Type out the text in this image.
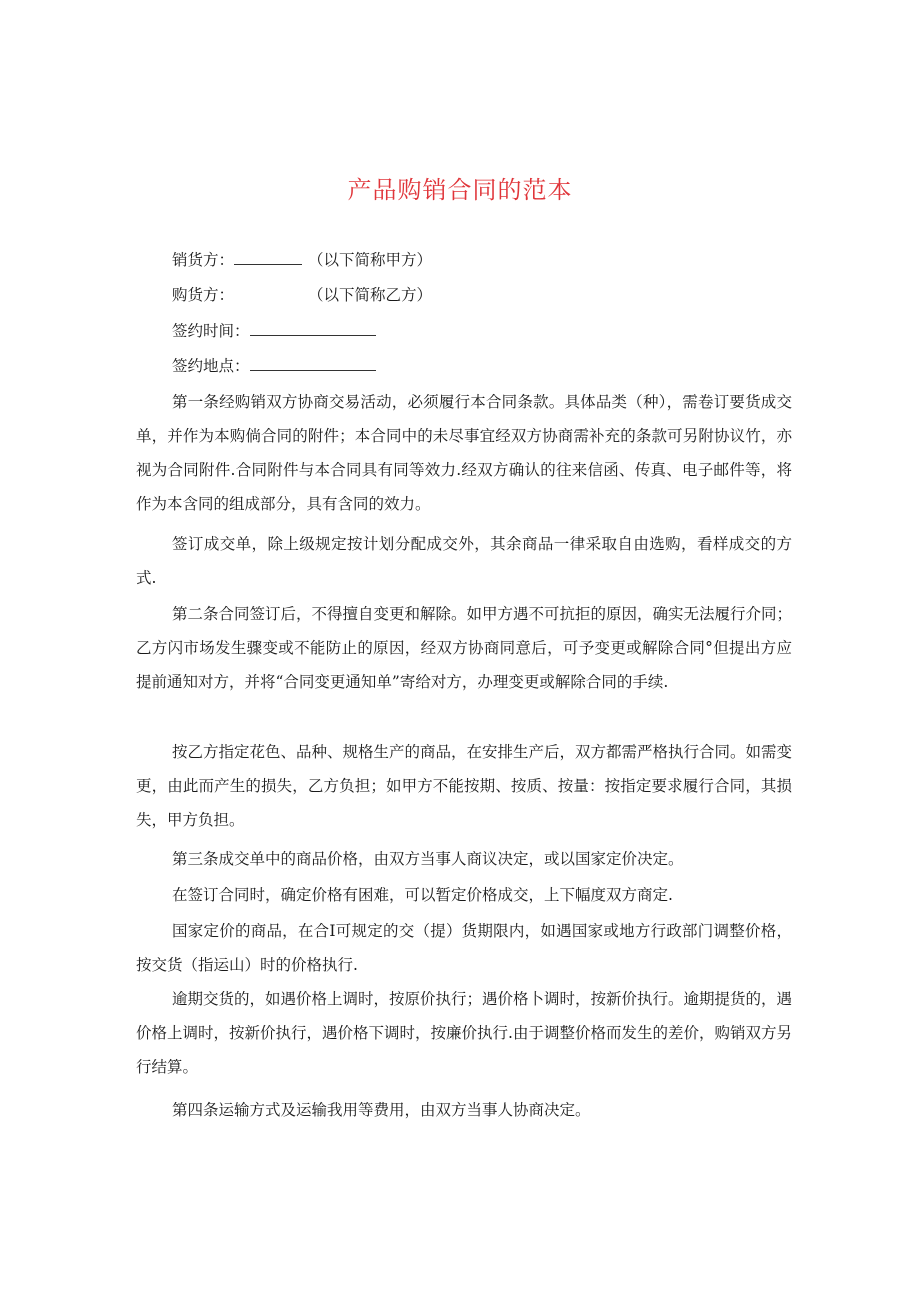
产品购销合同的范本
销货方：	（以下简称甲方）
购货方：	（以下简称乙方）
签约时间：
签约地点：
第一条经购销双方协商交易活动，必须履行本合同条款。具体品类（种），需卷订要货成交单，并作为本购倘合同的附件；本合同中的未尽事宜经双方协商需补充的条款可另附协议竹，亦视为合同附件.合同附件与本合同具有同等效力.经双方确认的往来信函、传真、电子邮件等，将作为本含同的组成部分，具有含同的效力。
签订成交单，除上级规定按计划分配成交外，其余商品一律采取自由选购，看样成交的方式.
第二条合同签订后，不得擅自变更和解除。如甲方遇不可抗拒的原因，确实无法履行介同；乙方闪市场发生骤变或不能防止的原因，经双方协商同意后，可予变更或解除合同°但提出方应提前通知对方，并将“合同变更通知单”寄给对方，办理变更或解除合同的手续.
按乙方指定花色、品种、规格生产的商品，在安排生产后，双方都需严格执行合同。如需变更，由此而产生的损失，乙方负担；如甲方不能按期、按质、按量：按指定要求履行合同，其损失，甲方负担。
第三条成交单中的商品价格，由双方当事人商议决定，或以国家定价决定。
在签订合同时，确定价格有困难，可以暂定价格成交，上下幅度双方商定.
国家定价的商品，在合I可规定的交（提）货期限内，如遇国家或地方行政部门调整价格，按交货（指运山）时的价格执行.
逾期交货的，如遇价格上调时，按原价执行；遇价格卜调时，按新价执行。逾期提货的，遇价格上调时，按新价执行，遇价格下调时，按廉价执行.由于调整价格而发生的差价，购销双方另行结算。
第四条运输方式及运输我用等费用，由双方当事人协商决定。
